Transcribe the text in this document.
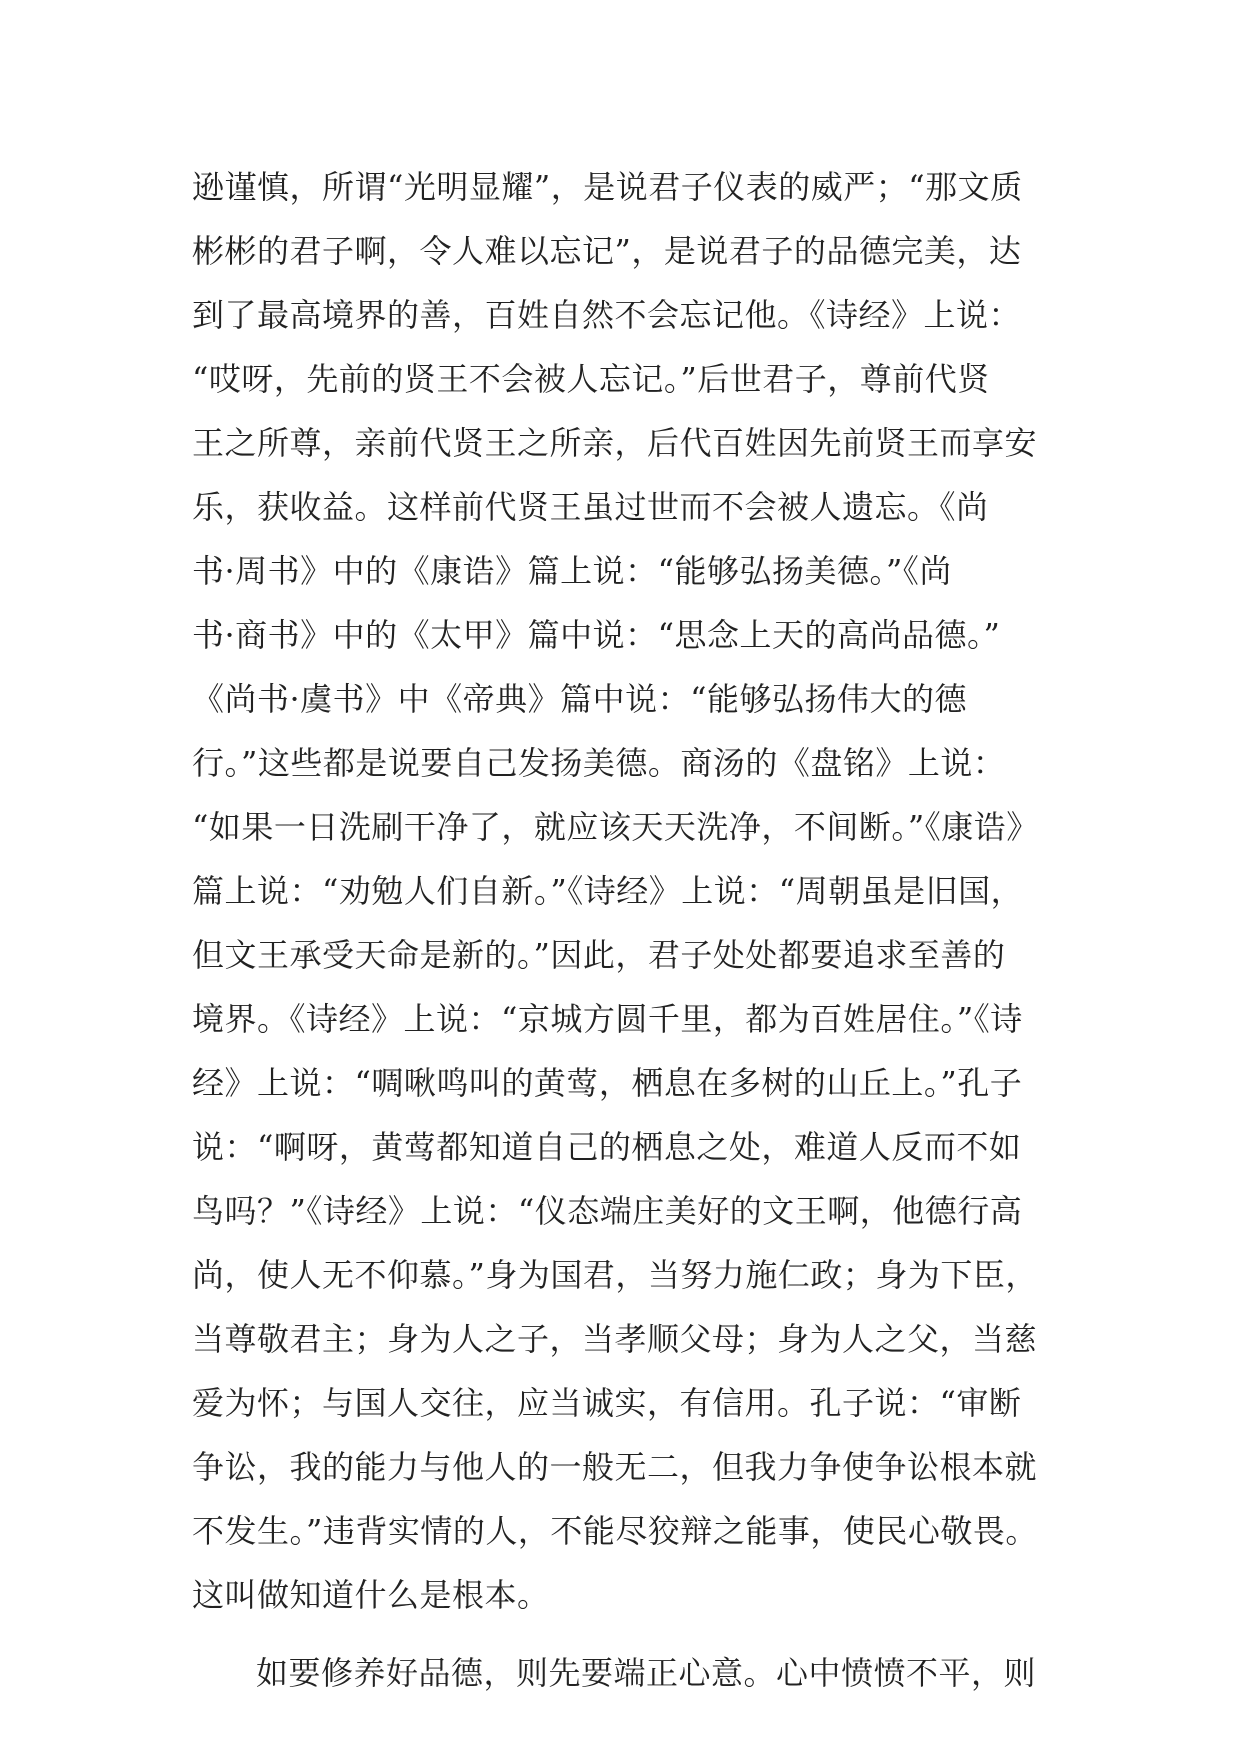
逊谨慎，所谓“光明显耀”，是说君子仪表的威严；“那文质
彬彬的君子啊，令人难以忘记”，是说君子的品德完美，达
到了最高境界的善，百姓自然不会忘记他。《诗经》上说：
“哎呀，先前的贤王不会被人忘记。”后世君子，尊前代贤
王之所尊，亲前代贤王之所亲，后代百姓因先前贤王而享安
乐，获收益。这样前代贤王虽过世而不会被人遗忘。《尚
书·周书》中的《康诰》篇上说：“能够弘扬美德。”《尚
书·商书》中的《太甲》篇中说：“思念上天的高尚品德。”
《尚书·虞书》中《帝典》篇中说：“能够弘扬伟大的德
行。”这些都是说要自己发扬美德。商汤的《盘铭》上说：
“如果一日洗刷干净了，就应该天天洗净，不间断。”《康诰》
篇上说：“劝勉人们自新。”《诗经》上说：“周朝虽是旧国，
但文王承受天命是新的。”因此，君子处处都要追求至善的
境界。《诗经》上说：“京城方圆千里，都为百姓居住。”《诗
经》上说：“啁啾鸣叫的黄莺，栖息在多树的山丘上。”孔子
说：“啊呀，黄莺都知道自己的栖息之处，难道人反而不如
鸟吗？”《诗经》上说：“仪态端庄美好的文王啊，他德行高
尚，使人无不仰慕。”身为国君，当努力施仁政；身为下臣，
当尊敬君主；身为人之子，当孝顺父母；身为人之父，当慈
爱为怀；与国人交往，应当诚实，有信用。孔子说：“审断
争讼，我的能力与他人的一般无二，但我力争使争讼根本就
不发生。”违背实情的人，不能尽狡辩之能事，使民心敬畏。
这叫做知道什么是根本。
如要修养好品德，则先要端正心意。心中愤愤不平，则
